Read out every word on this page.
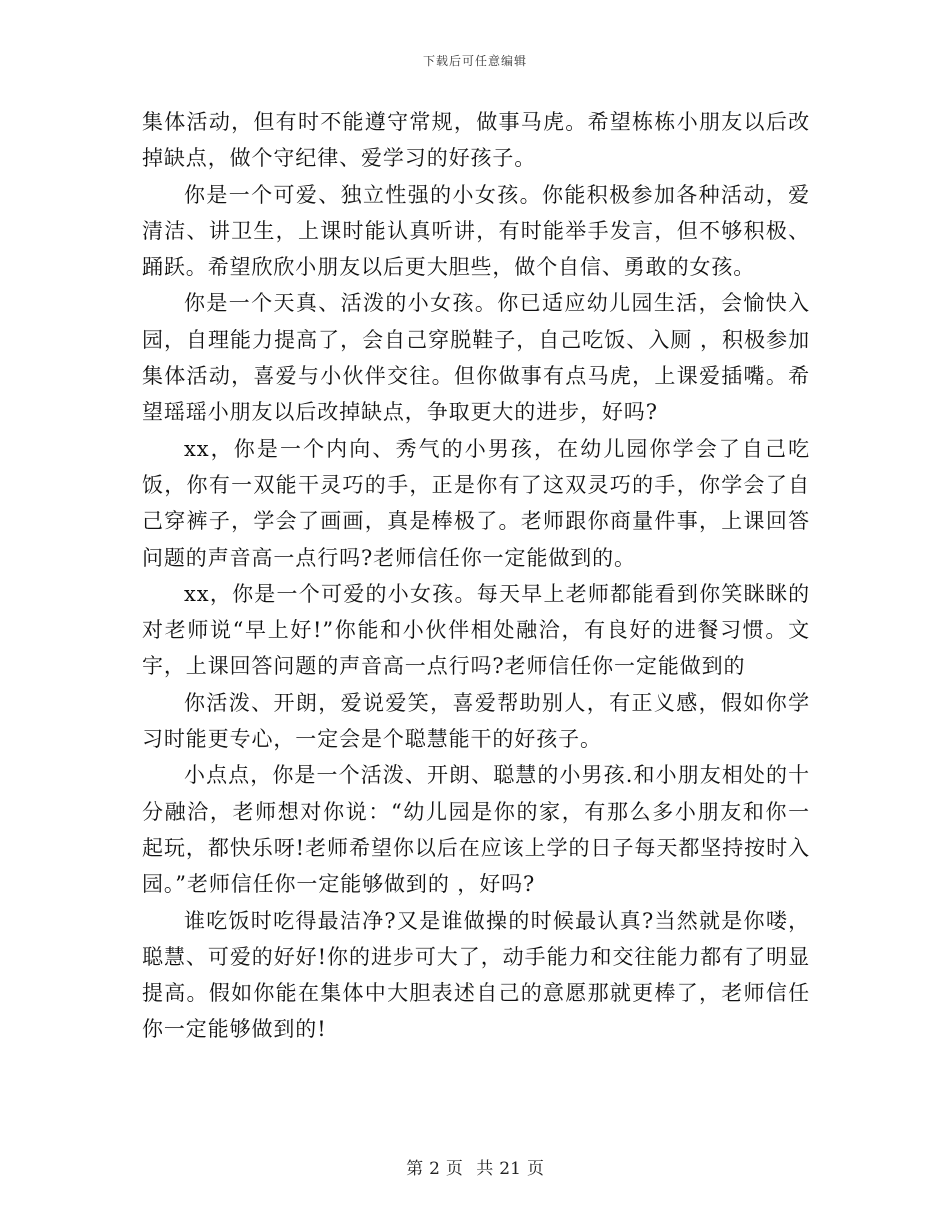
下载后可任意编辑

集体活动，但有时不能遵守常规，做事马虎。希望栋栋小朋友以后改掉缺点，做个守纪律、爱学习的好孩子。

你是一个可爱、独立性强的小女孩。你能积极参加各种活动，爱清洁、讲卫生，上课时能认真听讲，有时能举手发言，但不够积极、踊跃。希望欣欣小朋友以后更大胆些，做个自信、勇敢的女孩。

你是一个天真、活泼的小女孩。你已适应幼儿园生活，会愉快入园，自理能力提高了，会自己穿脱鞋子，自己吃饭、入厕 ，积极参加集体活动，喜爱与小伙伴交往。但你做事有点马虎，上课爱插嘴。希望瑶瑶小朋友以后改掉缺点，争取更大的进步，好吗?

xx，你是一个内向、秀气的小男孩，在幼儿园你学会了自己吃饭，你有一双能干灵巧的手，正是你有了这双灵巧的手，你学会了自己穿裤子，学会了画画，真是棒极了。老师跟你商量件事，上课回答问题的声音高一点行吗?老师信任你一定能做到的。

xx，你是一个可爱的小女孩。每天早上老师都能看到你笑眯眯的对老师说“早上好!”你能和小伙伴相处融洽，有良好的进餐习惯。文宇，上课回答问题的声音高一点行吗?老师信任你一定能做到的

你活泼、开朗，爱说爱笑，喜爱帮助别人，有正义感，假如你学习时能更专心，一定会是个聪慧能干的好孩子。

小点点，你是一个活泼、开朗、聪慧的小男孩.和小朋友相处的十分融洽，老师想对你说：“幼儿园是你的家，有那么多小朋友和你一起玩，都快乐呀!老师希望你以后在应该上学的日子每天都坚持按时入园。”老师信任你一定能够做到的 ，好吗?

谁吃饭时吃得最洁净?又是谁做操的时候最认真?当然就是你喽，聪慧、可爱的好好!你的进步可大了，动手能力和交往能力都有了明显提高。假如你能在集体中大胆表述自己的意愿那就更棒了，老师信任你一定能够做到的!

第 2 页 共 21 页
